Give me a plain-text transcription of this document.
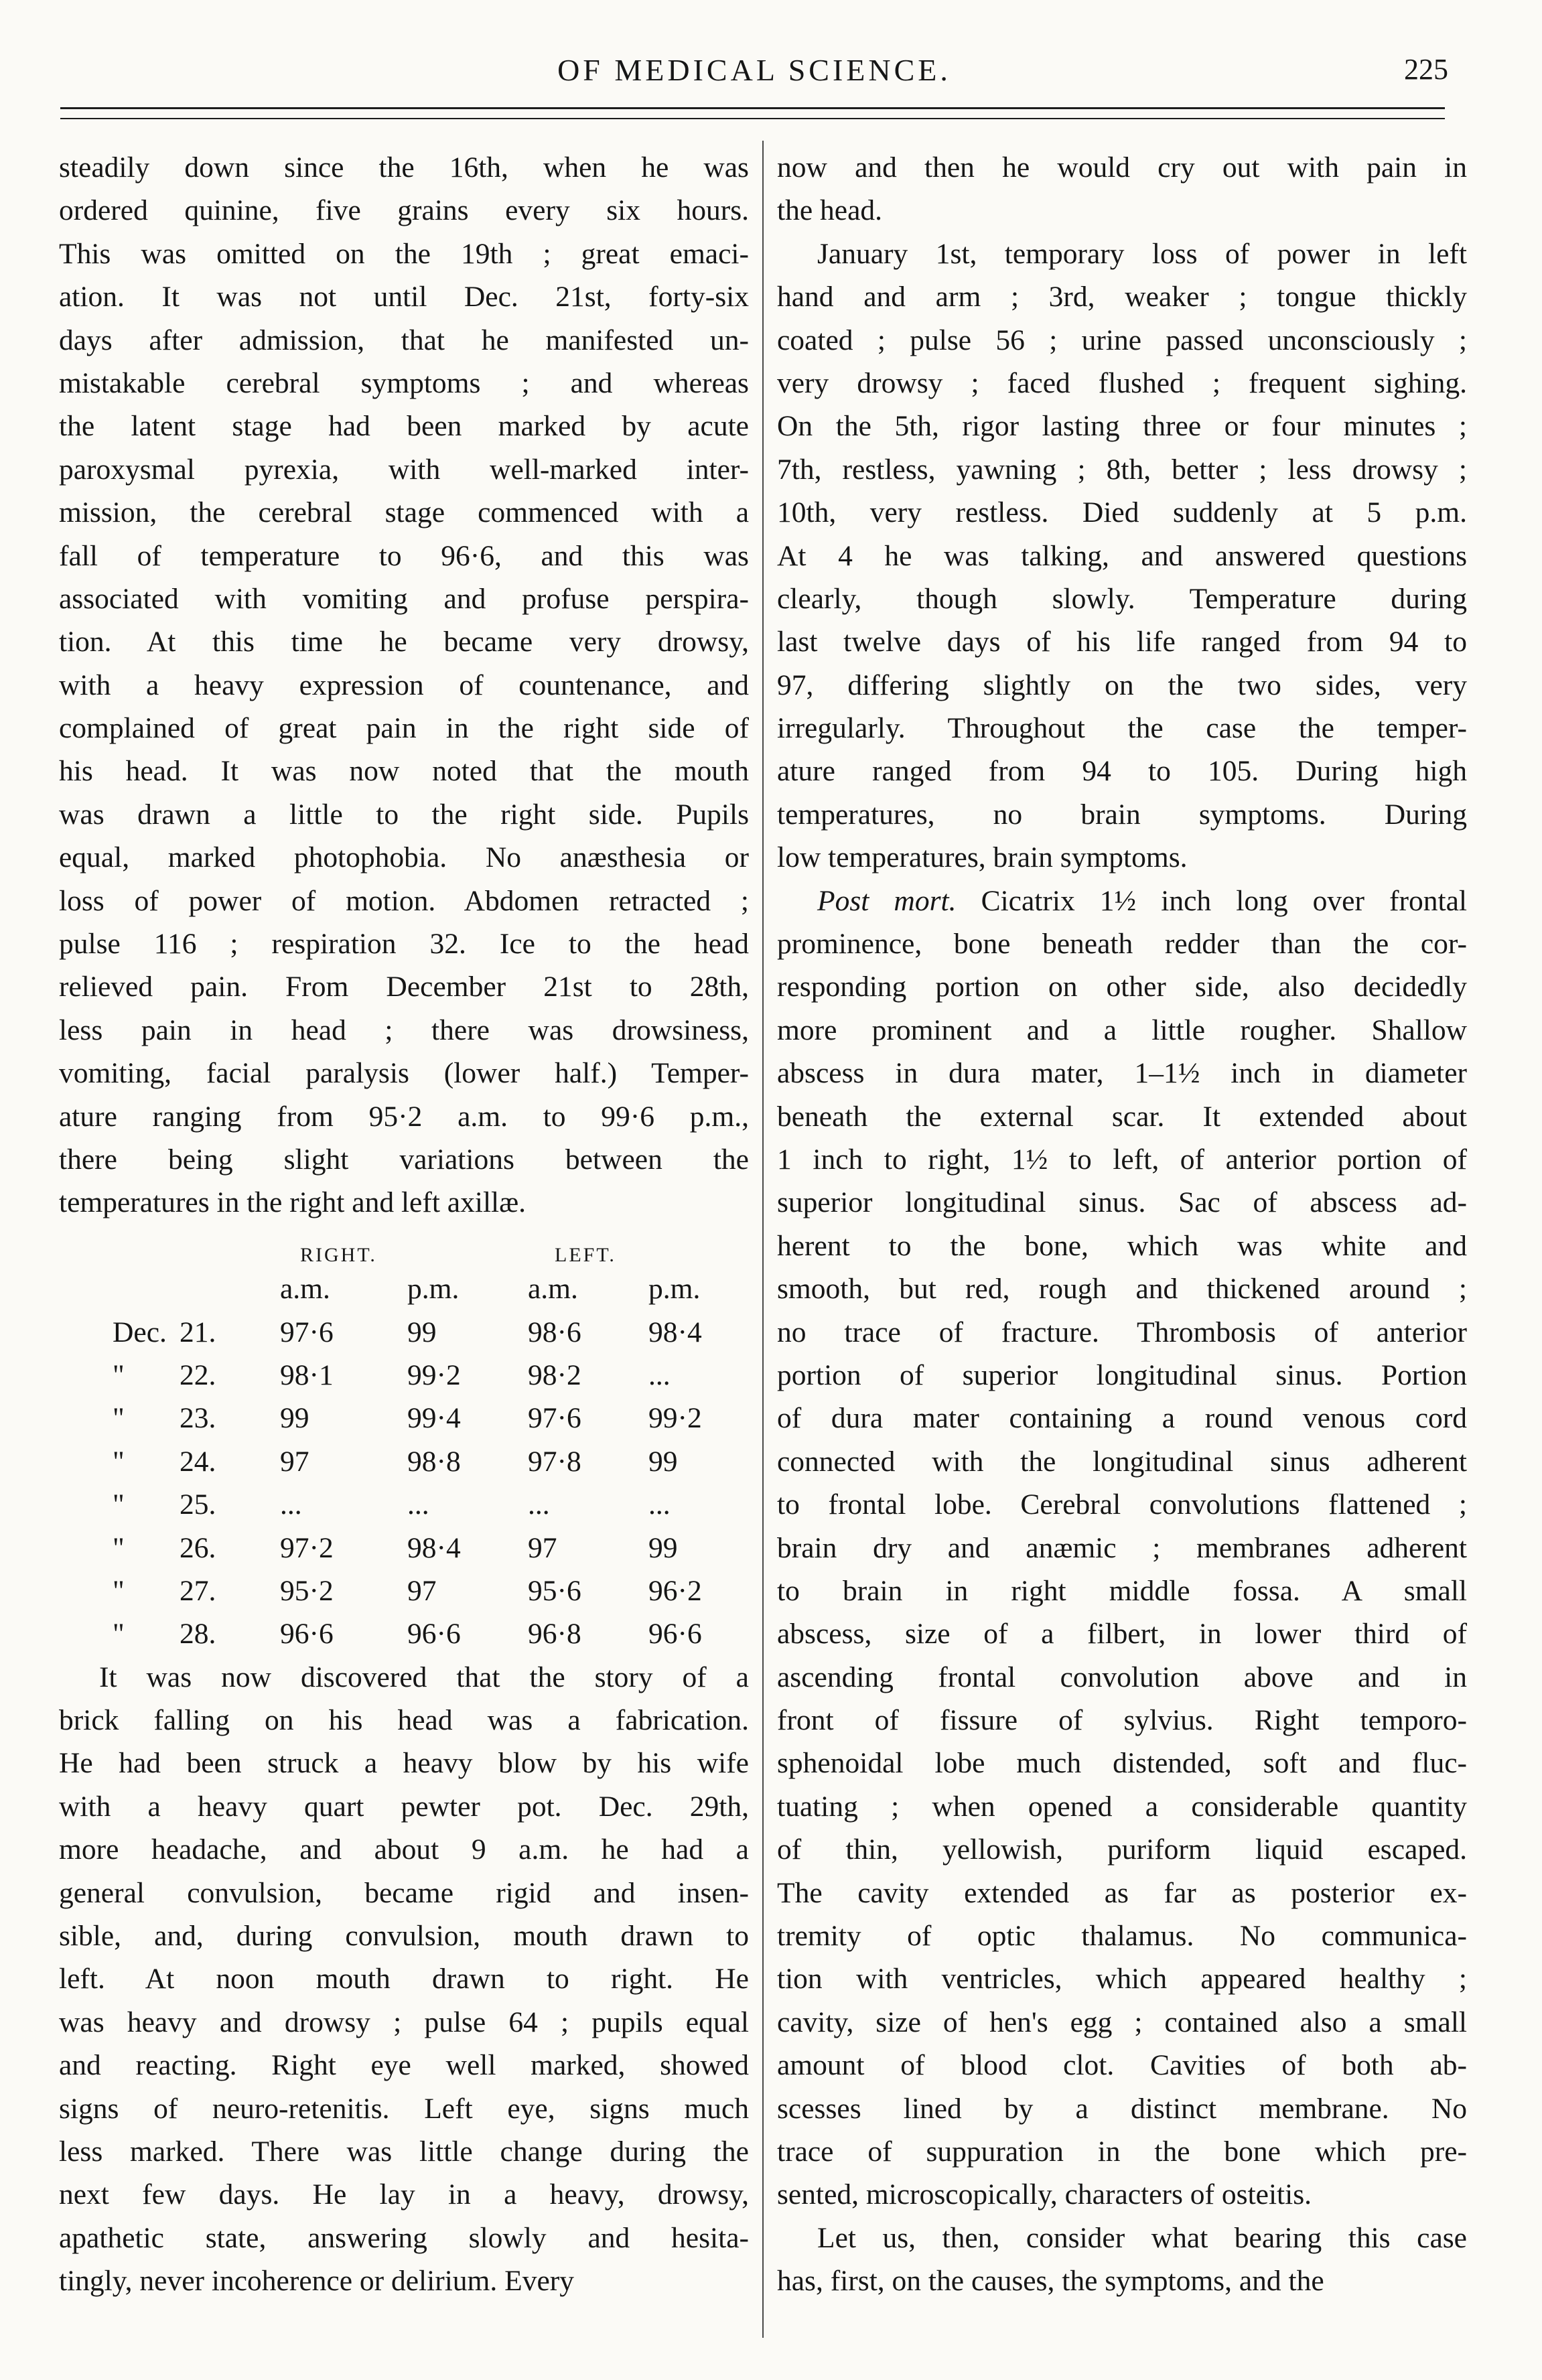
OF MEDICAL SCIENCE.	225
steadily down since the 16th, when he was
ordered quinine, five grains every six hours.
This was omitted on the 19th ; great emaci-
ation. It was not until Dec. 21st, forty-six
days after admission, that he manifested un-
mistakable cerebral symptoms ; and whereas
the latent stage had been marked by acute
paroxysmal pyrexia, with well-marked inter-
mission, the cerebral stage commenced with a
fall of temperature to 96·6, and this was
associated with vomiting and profuse perspira-
tion. At this time he became very drowsy,
with a heavy expression of countenance, and
complained of great pain in the right side of
his head. It was now noted that the mouth
was drawn a little to the right side. Pupils
equal, marked photophobia. No anæsthesia or
loss of power of motion. Abdomen retracted ;
pulse 116 ; respiration 32. Ice to the head
relieved pain. From December 21st to 28th,
less pain in head ; there was drowsiness,
vomiting, facial paralysis (lower half.) Temper-
ature ranging from 95·2 a.m. to 99·6 p.m.,
there being slight variations between the
temperatures in the right and left axillæ.
RIGHT.	LEFT.
a.m.	p.m. a.m. p.m.
Dec. 21. 97·6	99	98·6 98·4
" 22. 98·1	99·2 98·2 ...
" 23. 99	99·4 97·6 99·2
" 24. 97	98·8 97·8 99
" 25. ...	...	...	...
" 26. 97·2	98·4 97	99
" 27. 95·2	97	95·6 96·2
" 28. 96·6	96·6 96·8 96·6
It was now discovered that the story of a
brick falling on his head was a fabrication.
He had been struck a heavy blow by his wife
with a heavy quart pewter pot. Dec. 29th,
more headache, and about 9 a.m. he had a
general convulsion, became rigid and insen-
sible, and, during convulsion, mouth drawn to
left. At noon mouth drawn to right. He
was heavy and drowsy ; pulse 64 ; pupils equal
and reacting. Right eye well marked, showed
signs of neuro-retenitis. Left eye, signs much
less marked. There was little change during the
next few days. He lay in a heavy, drowsy,
apathetic state, answering slowly and hesita-
tingly, never incoherence or delirium. Every
now and then he would cry out with pain in
the head.
January 1st, temporary loss of power in left
hand and arm ; 3rd, weaker ; tongue thickly
coated ; pulse 56 ; urine passed unconsciously ;
very drowsy ; faced flushed ; frequent sighing.
On the 5th, rigor lasting three or four minutes ;
7th, restless, yawning ; 8th, better ; less drowsy ;
10th, very restless. Died suddenly at 5 p.m.
At 4 he was talking, and answered questions
clearly, though slowly. Temperature during
last twelve days of his life ranged from 94 to
97, differing slightly on the two sides, very
irregularly. Throughout the case the temper-
ature ranged from 94 to 105. During high
temperatures, no brain symptoms. During
low temperatures, brain symptoms.
Post mort. Cicatrix 1½ inch long over frontal
prominence, bone beneath redder than the cor-
responding portion on other side, also decidedly
more prominent and a little rougher. Shallow
abscess in dura mater, 1–1½ inch in diameter
beneath the external scar. It extended about
1 inch to right, 1½ to left, of anterior portion of
superior longitudinal sinus. Sac of abscess ad-
herent to the bone, which was white and
smooth, but red, rough and thickened around ;
no trace of fracture. Thrombosis of anterior
portion of superior longitudinal sinus. Portion
of dura mater containing a round venous cord
connected with the longitudinal sinus adherent
to frontal lobe. Cerebral convolutions flattened ;
brain dry and anæmic ; membranes adherent
to brain in right middle fossa. A small
abscess, size of a filbert, in lower third of
ascending frontal convolution above and in
front of fissure of sylvius. Right temporo-
sphenoidal lobe much distended, soft and fluc-
tuating ; when opened a considerable quantity
of thin, yellowish, puriform liquid escaped.
The cavity extended as far as posterior ex-
tremity of optic thalamus. No communica-
tion with ventricles, which appeared healthy ;
cavity, size of hen's egg ; contained also a small
amount of blood clot. Cavities of both ab-
scesses lined by a distinct membrane. No
trace of suppuration in the bone which pre-
sented, microscopically, characters of osteitis.
Let us, then, consider what bearing this case
has, first, on the causes, the symptoms, and the
